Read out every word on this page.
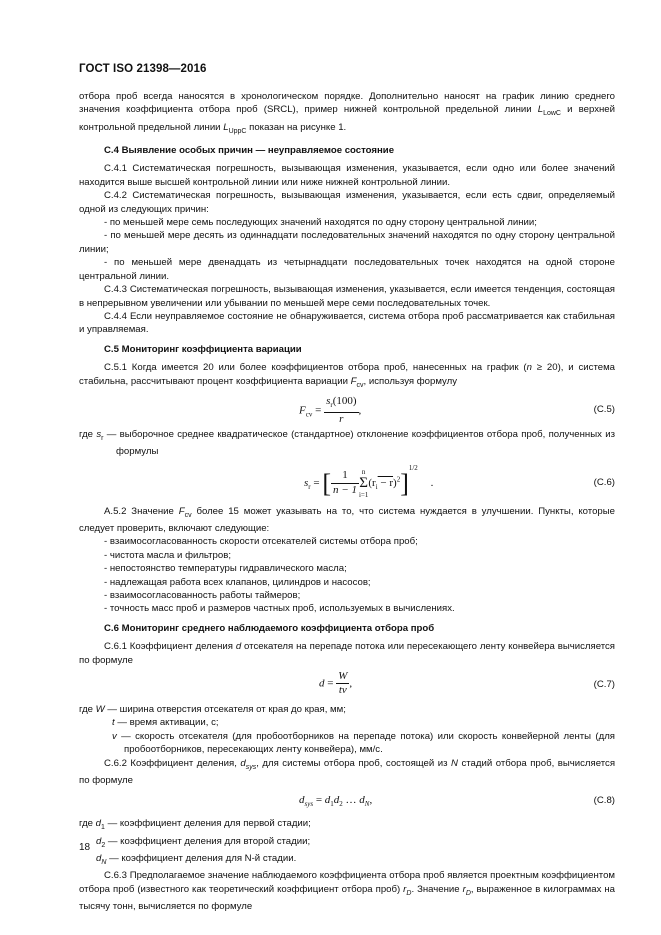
ГОСТ ISO 21398—2016

отбора проб всегда наносятся в хронологическом порядке. Дополнительно наносят на график линию среднего значения коэффициента отбора проб (SRCL), пример нижней контрольной предельной линии $L_{LowC}$ и верхней контрольной предельной линии $L_{UppC}$ показан на рисунке 1.

С.4 Выявление особых причин — неуправляемое состояние

С.4.1 Систематическая погрешность, вызывающая изменения, указывается, если одно или более значений находится выше высшей контрольной линии или ниже нижней контрольной линии.

С.4.2 Систематическая погрешность, вызывающая изменения, указывается, если есть сдвиг, определяемый одной из следующих причин:

- по меньшей мере семь последующих значений находятся по одну сторону центральной линии;

- по меньшей мере десять из одиннадцати последовательных значений находятся по одну сторону центральной линии;

- по меньшей мере двенадцать из четырнадцати последовательных точек находятся на одной стороне центральной линии.

С.4.3 Систематическая погрешность, вызывающая изменения, указывается, если имеется тенденция, состоящая в непрерывном увеличении или убывании по меньшей мере семи последовательных точек.

С.4.4 Если неуправляемое состояние не обнаруживается, система отбора проб рассматривается как стабильная и управляемая.

С.5 Мониторинг коэффициента вариации

С.5.1 Когда имеется 20 или более коэффициентов отбора проб, нанесенных на график (n ≥ 20), и система стабильна, рассчитывают процент коэффициента вариации $F_{cv}$, используя формулу

$F_{cv} = \frac{s_r(100)}{r}$ ,	(С.5)

где $s_r$ — выборочное среднее квадратическое (стандартное) отклонение коэффициентов отбора проб, полученных из формулы

$s_r$ = [ $\frac{1}{n - 1}$ n
Σ
$i=1(r_i - r)^2]^{1/2}$ .	(С.6)

А.5.2 Значение $F_{cv}$ более 15 может указывать на то, что система нуждается в улучшении. Пункты, которые следует проверить, включают следующие:

- взаимосогласованность скорости отсекателей системы отбора проб;

- чистота масла и фильтров;

- непостоянство температуры гидравлического масла;

- надлежащая работа всех клапанов, цилиндров и насосов;

- взаимосогласованность работы таймеров;

- точность масс проб и размеров частных проб, используемых в вычислениях.

С.6 Мониторинг среднего наблюдаемого коэффициента отбора проб

С.6.1 Коэффициент деления d отсекателя на перепаде потока или пересекающего ленту конвейера вычисляется по формуле

$d = \frac{W}{tv}$ ,	(С.7)

где W — ширина отверстия отсекателя от края до края, мм;

t — время активации, с;

v — скорость отсекателя (для пробоотборников на перепаде потока) или скорость конвейерной ленты (для пробоотборников, пересекающих ленту конвейера), мм/с.

С.6.2 Коэффициент деления, $d_{sys}$, для системы отбора проб, состоящей из N стадий отбора проб, вычисляется по формуле

$d_{sys} = d_1d_2$ … $d_N$,	(С.8)

где $d_1$ — коэффициент деления для первой стадии;

$d_2$ — коэффициент деления для второй стадии;

$d_N$ — коэффициент деления для N-й стадии.

С.6.3 Предполагаемое значение наблюдаемого коэффициента отбора проб является проектным коэффициентом отбора проб (известного как теоретический коэффициент отбора проб) $r_D$. Значение $r_D$, выраженное в килограммах на тысячу тонн, вычисляется по формуле

18
